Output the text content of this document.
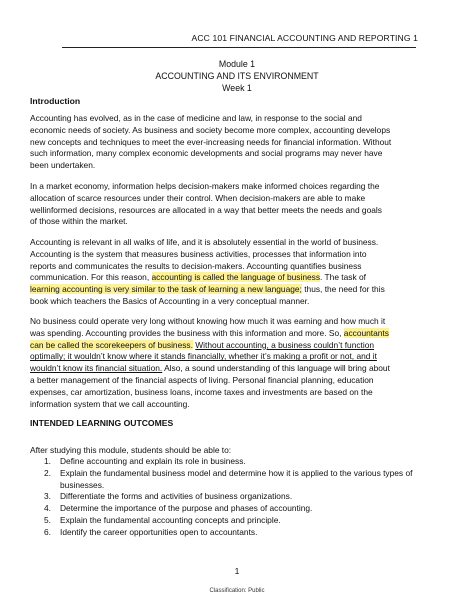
ACC 101 FINANCIAL ACCOUNTING AND REPORTING 1
Module 1
ACCOUNTING AND ITS ENVIRONMENT
Week 1
Introduction
Accounting has evolved, as in the case of medicine and law, in response to the social and
economic needs of society. As business and society become more complex, accounting develops
new concepts and techniques to meet the ever-increasing needs for financial information. Without
such information, many complex economic developments and social programs may never have
been undertaken.
In a market economy, information helps decision-makers make informed choices regarding the
allocation of scarce resources under their control. When decision-makers are able to make
wellinformed decisions, resources are allocated in a way that better meets the needs and goals
of those within the market.
Accounting is relevant in all walks of life, and it is absolutely essential in the world of business.
Accounting is the system that measures business activities, processes that information into
reports and communicates the results to decision-makers. Accounting quantifies business
communication. For this reason, accounting is called the language of business. The task of
learning accounting is very similar to the task of learning a new language; thus, the need for this
book which teachers the Basics of Accounting in a very conceptual manner.
No business could operate very long without knowing how much it was earning and how much it
was spending. Accounting provides the business with this information and more. So, accountants
can be called the scorekeepers of business. Without accounting, a business couldn’t function
optimally; it wouldn’t know where it stands financially, whether it’s making a profit or not, and it
wouldn’t know its financial situation. Also, a sound understanding of this language will bring about
a better management of the financial aspects of living. Personal financial planning, education
expenses, car amortization, business loans, income taxes and investments are based on the
information system that we call accounting.
INTENDED LEARNING OUTCOMES
After studying this module, students should be able to:
1. Define accounting and explain its role in business.
2. Explain the fundamental business model and determine how it is applied to the various types of businesses.
3. Differentiate the forms and activities of business organizations.
4. Determine the importance of the purpose and phases of accounting.
5. Explain the fundamental accounting concepts and principle.
6. Identify the career opportunities open to accountants.
1
Classification: Public
